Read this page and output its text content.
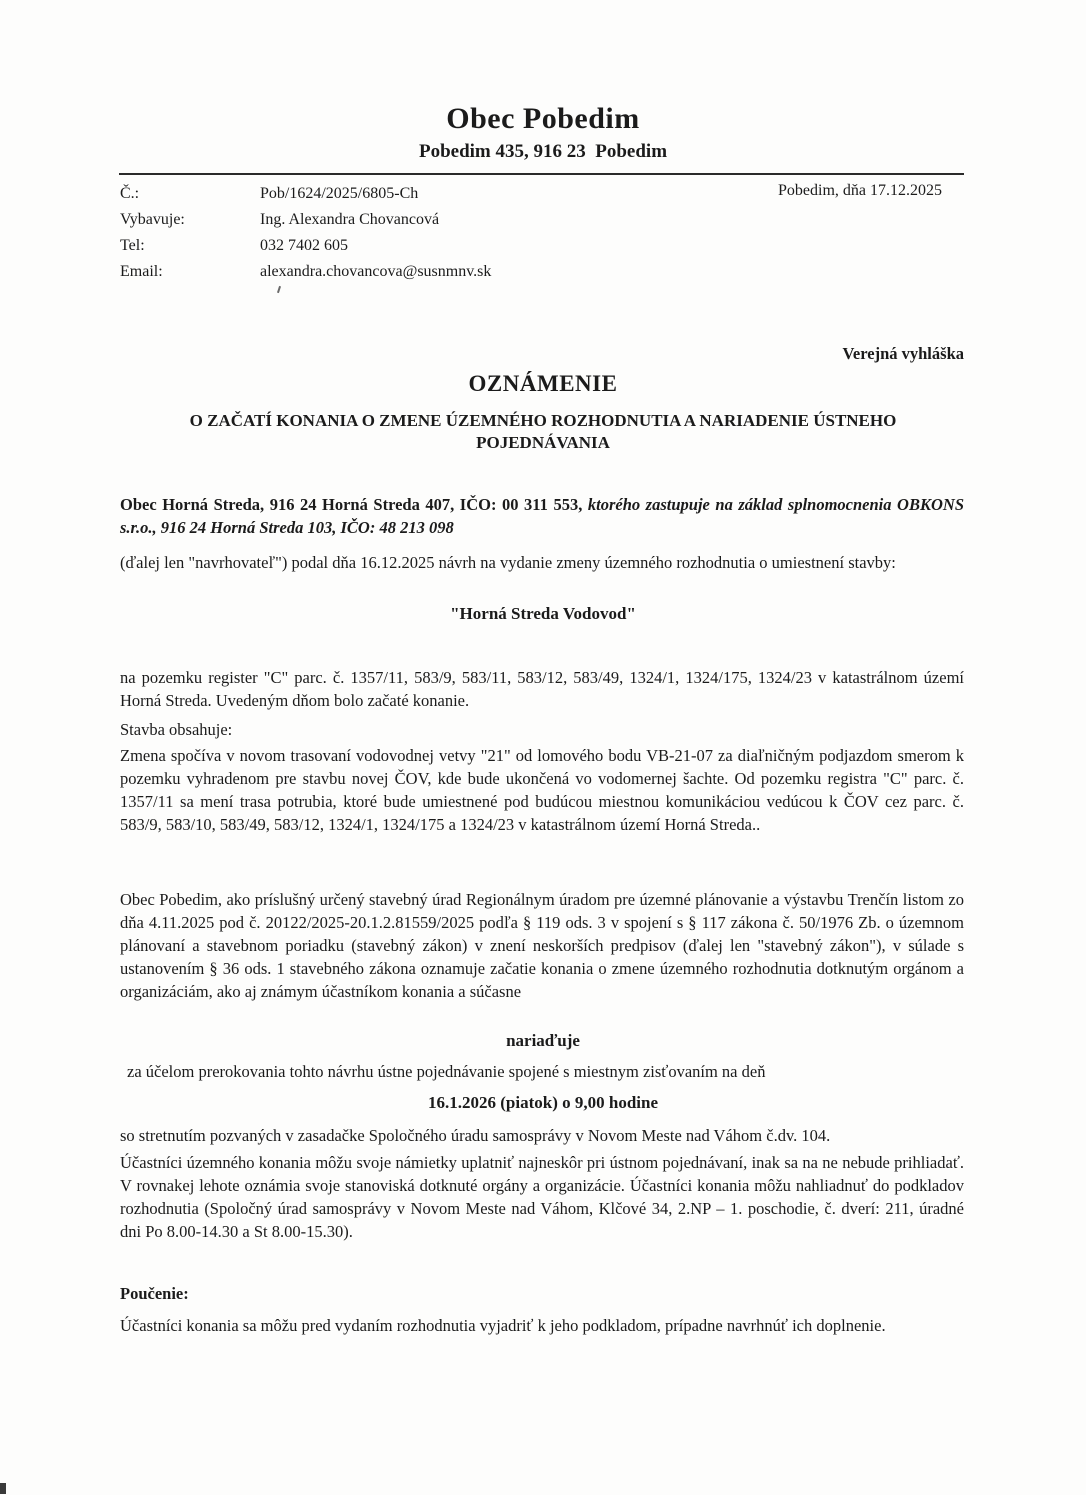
Obec Pobedim
Pobedim 435, 916 23  Pobedim
Č.:	Pob/1624/2025/6805-Ch
Vybavuje:	Ing. Alexandra Chovancová
Tel:	032 7402 605
Email:	alexandra.chovancova@susnmnv.sk
Pobedim, dňa 17.12.2025
Verejná vyhláška
OZNÁMENIE
O ZAČATÍ KONANIA O ZMENE ÚZEMNÉHO ROZHODNUTIA A NARIADENIE ÚSTNEHO POJEDNÁVANIA
Obec Horná Streda, 916 24 Horná Streda 407, IČO: 00 311 553, ktorého zastupuje na základ splnomocnenia OBKONS s.r.o., 916 24 Horná Streda 103, IČO: 48 213 098
(ďalej len "navrhovateľ") podal dňa 16.12.2025 návrh na vydanie zmeny územného rozhodnutia o umiestnení stavby:
"Horná Streda Vodovod"
na pozemku register "C" parc. č. 1357/11, 583/9, 583/11, 583/12, 583/49, 1324/1, 1324/175, 1324/23 v katastrálnom území Horná Streda. Uvedeným dňom bolo začaté konanie.
Stavba obsahuje:
Zmena spočíva v novom trasovaní vodovodnej vetvy "21" od lomového bodu VB-21-07 za diaľničným podjazdom smerom k pozemku vyhradenom pre stavbu novej ČOV, kde bude ukončená vo vodomernej šachte. Od pozemku registra "C" parc. č. 1357/11 sa mení trasa potrubia, ktoré bude umiestnené pod budúcou miestnou komunikáciou vedúcou k ČOV cez parc. č. 583/9, 583/10, 583/49, 583/12, 1324/1, 1324/175 a 1324/23 v katastrálnom území Horná Streda..
Obec Pobedim, ako príslušný určený stavebný úrad Regionálnym úradom pre územné plánovanie a výstavbu Trenčín listom zo dňa 4.11.2025 pod č. 20122/2025-20.1.2.81559/2025 podľa § 119 ods. 3 v spojení s § 117 zákona č. 50/1976 Zb. o územnom plánovaní a stavebnom poriadku (stavebný zákon) v znení neskorších predpisov (ďalej len "stavebný zákon"), v súlade s ustanovením § 36 ods. 1 stavebného zákona oznamuje začatie konania o zmene územného rozhodnutia dotknutým orgánom a organizáciám, ako aj známym účastníkom konania a súčasne
nariaďuje
za účelom prerokovania tohto návrhu ústne pojednávanie spojené s miestnym zisťovaním na deň
16.1.2026 (piatok) o 9,00 hodine
so stretnutím pozvaných v zasadačke Spoločného úradu samosprávy v Novom Meste nad Váhom č.dv. 104.
Účastníci územného konania môžu svoje námietky uplatniť najneskôr pri ústnom pojednávaní, inak sa na ne nebude prihliadať. V rovnakej lehote oznámia svoje stanoviská dotknuté orgány a organizácie. Účastníci konania môžu nahliadnuť do podkladov rozhodnutia (Spoločný úrad samosprávy v Novom Meste nad Váhom, Klčové 34, 2.NP – 1. poschodie, č. dverí: 211, úradné dni Po 8.00-14.30 a St 8.00-15.30).
Poučenie:
Účastníci konania sa môžu pred vydaním rozhodnutia vyjadriť k jeho podkladom, prípadne navrhnúť ich doplnenie.
